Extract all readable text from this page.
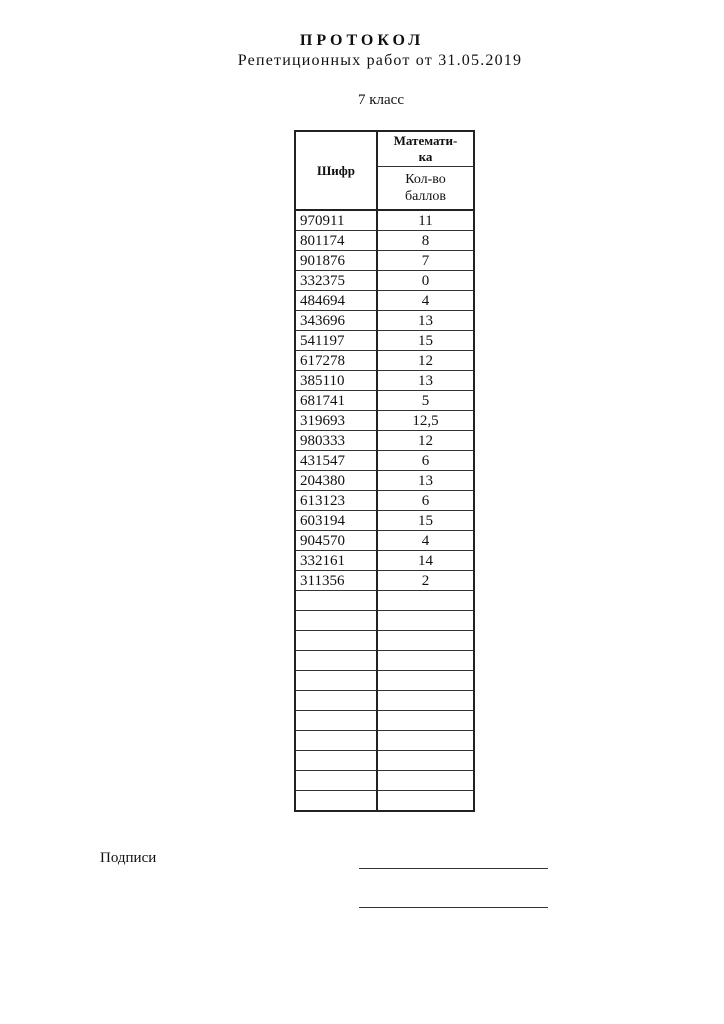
ПРОТОКОЛ
Репетиционных работ от 31.05.2019
7 класс
Шифр	Математи-
ка
	Кол-во
баллов
970911	11
801174	8
901876	7
332375	0
484694	4
343696	13
541197	15
617278	12
385110	13
681741	5
319693	12,5
980333	12
431547	6
204380	13
613123	6
603194	15
904570	4
332161	14
311356	2

Подписи
